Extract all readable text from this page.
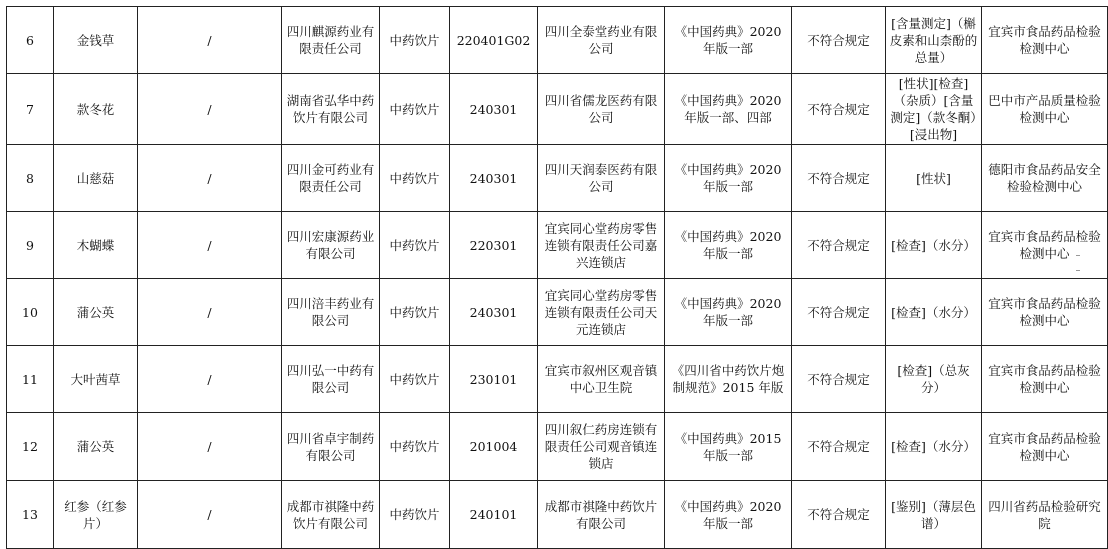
6	金钱草	/	四川麒源药业有限责任公司	中药饮片	220401G02	四川全泰堂药业有限公司	《中国药典》2020 年版一部	不符合规定	[含量测定]（槲皮素和山柰酚的总量）	宜宾市食品药品检验检测中心
7	款冬花	/	湖南省弘华中药饮片有限公司	中药饮片	240301	四川省儒龙医药有限公司	《中国药典》2020 年版一部、四部	不符合规定	[性状][检查]（杂质）[含量测定]（款冬酮）[浸出物]	巴中市产品质量检验检测中心
8	山慈菇	/	四川金可药业有限责任公司	中药饮片	240301	四川天润泰医药有限公司	《中国药典》2020 年版一部	不符合规定	[性状]	德阳市食品药品安全检验检测中心
9	木蝴蝶	/	四川宏康源药业有限公司	中药饮片	220301	宜宾同心堂药房零售连锁有限责任公司嘉兴连锁店	《中国药典》2020 年版一部	不符合规定	[检查]（水分）	宜宾市食品药品检验检测中心
10	蒲公英	/	四川涪丰药业有限公司	中药饮片	240301	宜宾同心堂药房零售连锁有限责任公司天元连锁店	《中国药典》2020 年版一部	不符合规定	[检查]（水分）	宜宾市食品药品检验检测中心
11	大叶茜草	/	四川弘一中药有限公司	中药饮片	230101	宜宾市叙州区观音镇中心卫生院	《四川省中药饮片炮制规范》2015 年版	不符合规定	[检查]（总灰分）	宜宾市食品药品检验检测中心
12	蒲公英	/	四川省卓宇制药有限公司	中药饮片	201004	四川叙仁药房连锁有限责任公司观音镇连锁店	《中国药典》2015 年版一部	不符合规定	[检查]（水分）	宜宾市食品药品检验检测中心
13	红参（红参片）	/	成都市祺隆中药饮片有限公司	中药饮片	240101	成都市祺隆中药饮片有限公司	《中国药典》2020 年版一部	不符合规定	[鉴别]（薄层色谱）	四川省药品检验研究院
